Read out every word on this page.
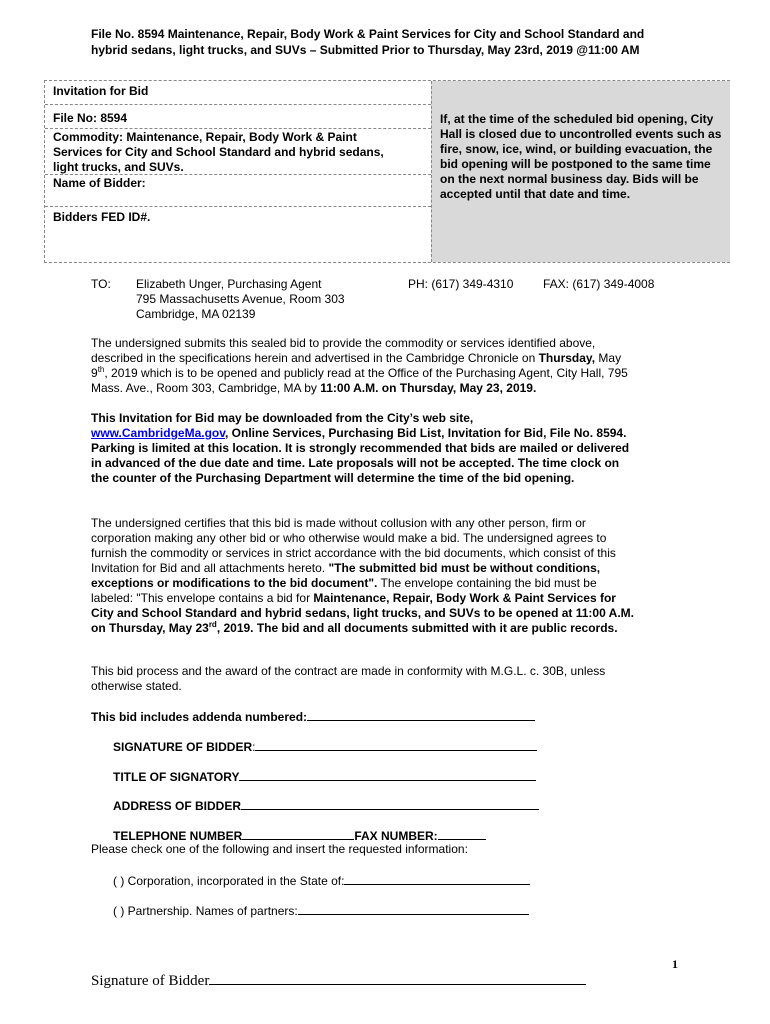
File No. 8594 Maintenance, Repair, Body Work & Paint Services for City and School Standard and
hybrid sedans, light trucks, and SUVs – Submitted Prior to Thursday, May 23rd, 2019 @11:00 AM
Invitation for Bid
File No: 8594
Commodity: Maintenance, Repair, Body Work & Paint
Services for City and School Standard and hybrid sedans,
light trucks, and SUVs.
Name of Bidder:
Bidders FED ID#.
If, at the time of the scheduled bid opening, City Hall is closed due to uncontrolled events such as fire, snow, ice, wind, or building evacuation, the bid opening will be postponed to the same time on the next normal business day. Bids will be accepted until that date and time.
TO: Elizabeth Unger, Purchasing Agent
795 Massachusetts Avenue, Room 303
Cambridge, MA 02139
PH: (617) 349-4310 FAX: (617) 349-4008
The undersigned submits this sealed bid to provide the commodity or services identified above, described in the specifications herein and advertised in the Cambridge Chronicle on Thursday, May 9th, 2019 which is to be opened and publicly read at the Office of the Purchasing Agent, City Hall, 795 Mass. Ave., Room 303, Cambridge, MA by 11:00 A.M. on Thursday, May 23, 2019.
This Invitation for Bid may be downloaded from the City’s web site,
www.CambridgeMa.gov, Online Services, Purchasing Bid List, Invitation for Bid, File No. 8594. Parking is limited at this location. It is strongly recommended that bids are mailed or delivered in advanced of the due date and time. Late proposals will not be accepted. The time clock on the counter of the Purchasing Department will determine the time of the bid opening.
The undersigned certifies that this bid is made without collusion with any other person, firm or corporation making any other bid or who otherwise would make a bid. The undersigned agrees to furnish the commodity or services in strict accordance with the bid documents, which consist of this Invitation for Bid and all attachments hereto. "The submitted bid must be without conditions, exceptions or modifications to the bid document". The envelope containing the bid must be labeled: "This envelope contains a bid for Maintenance, Repair, Body Work & Paint Services for City and School Standard and hybrid sedans, light trucks, and SUVs to be opened at 11:00 A.M. on Thursday, May 23rd, 2019. The bid and all documents submitted with it are public records.
This bid process and the award of the contract are made in conformity with M.G.L. c. 30B, unless otherwise stated.
This bid includes addenda numbered:
SIGNATURE OF BIDDER:
TITLE OF SIGNATORY
ADDRESS OF BIDDER
TELEPHONE NUMBER	FAX NUMBER:
Please check one of the following and insert the requested information:
( ) Corporation, incorporated in the State of:
( ) Partnership. Names of partners:
1
Signature of Bidder
